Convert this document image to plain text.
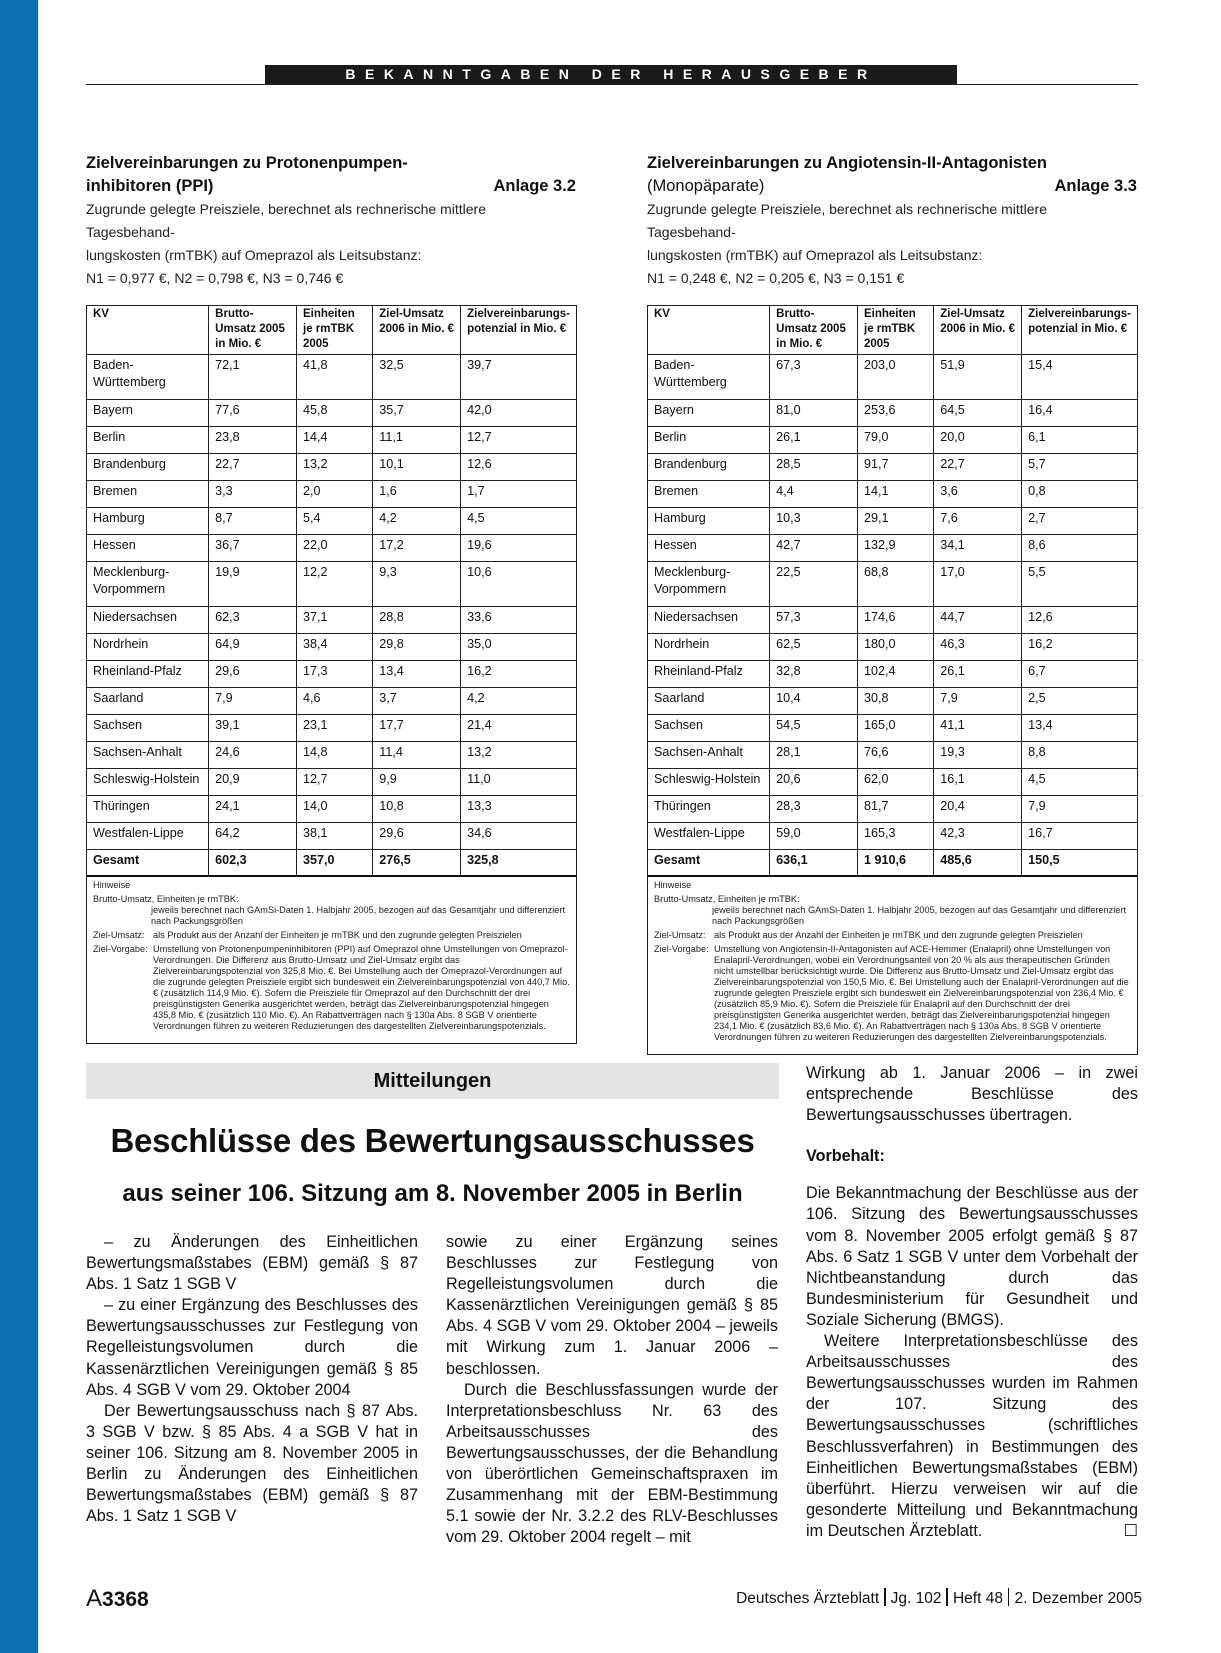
BEKANNTGABEN DER HERAUSGEBER
Zielvereinbarungen zu Protonenpumpen-
inhibitoren (PPI)	Anlage 3.2
Zugrunde gelegte Preisziele, berechnet als rechnerische mittlere Tagesbehand-
lungskosten (rmTBK) auf Omeprazol als Leitsubstanz:
N1 = 0,977 €, N2 = 0,798 €, N3 = 0,746 €
KV	Brutto-Umsatz 2005 in Mio. €	Einheiten je rmTBK 2005	Ziel-Umsatz 2006 in Mio. €	Zielvereinbarungs-potenzial in Mio. €
Baden-Württemberg	72,1	41,8	32,5	39,7
Bayern	77,6	45,8	35,7	42,0
Berlin	23,8	14,4	11,1	12,7
Brandenburg	22,7	13,2	10,1	12,6
Bremen	3,3	2,0	1,6	1,7
Hamburg	8,7	5,4	4,2	4,5
Hessen	36,7	22,0	17,2	19,6
Mecklenburg-Vorpommern	19,9	12,2	9,3	10,6
Niedersachsen	62,3	37,1	28,8	33,6
Nordrhein	64,9	38,4	29,8	35,0
Rheinland-Pfalz	29,6	17,3	13,4	16,2
Saarland	7,9	4,6	3,7	4,2
Sachsen	39,1	23,1	17,7	21,4
Sachsen-Anhalt	24,6	14,8	11,4	13,2
Schleswig-Holstein	20,9	12,7	9,9	11,0
Thüringen	24,1	14,0	10,8	13,3
Westfalen-Lippe	64,2	38,1	29,6	34,6
Gesamt	602,3	357,0	276,5	325,8
Hinweise
Brutto-Umsatz, Einheiten je rmTBK:
jeweils berechnet nach GAmSi-Daten 1. Halbjahr 2005, bezogen auf das Gesamtjahr und differenziert nach Packungsgrößen
Ziel-Umsatz: als Produkt aus der Anzahl der Einheiten je rmTBK und den zugrunde gelegten Preiszielen
Ziel-Vorgabe: Umstellung von Protonenpumpeninhibitoren (PPI) auf Omeprazol ohne Umstellungen von Omeprazol-Verordnungen. Die Differenz aus Brutto-Umsatz und Ziel-Umsatz ergibt das Zielvereinbarungspotenzial von 325,8 Mio. €. Bei Umstellung auch der Omeprazol-Verordnungen auf die zugrunde gelegten Preisziele ergibt sich bundesweit ein Zielvereinbarungspotenzial von 440,7 Mio. € (zusätzlich 114,9 Mio. €). Sofern die Preisziele für Omeprazol auf den Durchschnitt der drei preisgünstigsten Generika ausgerichtet werden, beträgt das Zielvereinbarungspotenzial hingegen 435,8 Mio. € (zusätzlich 110 Mio. €). An Rabattverträgen nach § 130a Abs. 8 SGB V orientierte Verordnungen führen zu weiteren Reduzierungen des dargestellten Zielvereinbarungspotenzials.
Zielvereinbarungen zu Angiotensin-II-Antagonisten
(Monopäparate)	Anlage 3.3
Zugrunde gelegte Preisziele, berechnet als rechnerische mittlere Tagesbehand-
lungskosten (rmTBK) auf Omeprazol als Leitsubstanz:
N1 = 0,248 €, N2 = 0,205 €, N3 = 0,151 €
KV	Brutto-Umsatz 2005 in Mio. €	Einheiten je rmTBK 2005	Ziel-Umsatz 2006 in Mio. €	Zielvereinbarungs-potenzial in Mio. €
Baden-Württemberg	67,3	203,0	51,9	15,4
Bayern	81,0	253,6	64,5	16,4
Berlin	26,1	79,0	20,0	6,1
Brandenburg	28,5	91,7	22,7	5,7
Bremen	4,4	14,1	3,6	0,8
Hamburg	10,3	29,1	7,6	2,7
Hessen	42,7	132,9	34,1	8,6
Mecklenburg-Vorpommern	22,5	68,8	17,0	5,5
Niedersachsen	57,3	174,6	44,7	12,6
Nordrhein	62,5	180,0	46,3	16,2
Rheinland-Pfalz	32,8	102,4	26,1	6,7
Saarland	10,4	30,8	7,9	2,5
Sachsen	54,5	165,0	41,1	13,4
Sachsen-Anhalt	28,1	76,6	19,3	8,8
Schleswig-Holstein	20,6	62,0	16,1	4,5
Thüringen	28,3	81,7	20,4	7,9
Westfalen-Lippe	59,0	165,3	42,3	16,7
Gesamt	636,1	1 910,6	485,6	150,5
Hinweise
Brutto-Umsatz, Einheiten je rmTBK:
jeweils berechnet nach GAmSi-Daten 1. Halbjahr 2005, bezogen auf das Gesamtjahr und differenziert nach Packungsgrößen
Ziel-Umsatz: als Produkt aus der Anzahl der Einheiten je rmTBK und den zugrunde gelegten Preiszielen
Ziel-Vorgabe: Umstellung von Angiotensin-II-Antagonisten auf ACE-Hemmer (Enalapril) ohne Umstellungen von Enalapril-Verordnungen, wobei ein Verordnungsanteil von 20 % als aus therapeutischen Gründen nicht umstellbar berücksichtigt wurde. Die Differenz aus Brutto-Umsatz und Ziel-Umsatz ergibt das Zielvereinbarungspotenzial von 150,5 Mio. €. Bei Umstellung auch der Enalapril-Verordnungen auf die zugrunde gelegten Preisziele ergibt sich bundesweit ein Zielvereinbarungspotenzial von 236,4 Mio. € (zusätzlich 85,9 Mio. €). Sofern die Preisziele für Enalapril auf den Durchschnitt der drei preisgünstigsten Generika ausgerichtet werden, beträgt das Zielvereinbarungspotenzial hingegen 234,1 Mio. € (zusätzlich 83,6 Mio. €). An Rabattverträgen nach § 130a Abs. 8 SGB V orientierte Verordnungen führen zu weiteren Reduzierungen des dargestellten Zielvereinbarungspotenzials.
Mitteilungen
Beschlüsse des Bewertungsausschusses
aus seiner 106. Sitzung am 8. November 2005 in Berlin

– zu Änderungen des Einheitlichen Bewertungsmaßstabes (EBM) gemäß § 87 Abs. 1 Satz 1 SGB V

– zu einer Ergänzung des Beschlusses des Bewertungsausschusses zur Festlegung von Regelleistungsvolumen durch die Kassenärztlichen Vereinigungen gemäß § 85 Abs. 4 SGB V vom 29. Oktober 2004

Der Bewertungsausschuss nach § 87 Abs. 3 SGB V bzw. § 85 Abs. 4 a SGB V hat in seiner 106. Sitzung am 8. November 2005 in Berlin zu Änderungen des Einheitlichen Bewertungsmaßstabes (EBM) gemäß § 87 Abs. 1 Satz 1 SGB V

sowie zu einer Ergänzung seines Beschlusses zur Festlegung von Regelleistungsvolumen durch die Kassenärztlichen Vereinigungen gemäß § 85 Abs. 4 SGB V vom 29. Oktober 2004 – jeweils mit Wirkung zum 1. Januar 2006 – beschlossen.

Durch die Beschlussfassungen wurde der Interpretationsbeschluss Nr. 63 des Arbeitsausschusses des Bewertungsausschusses, der die Behandlung von überörtlichen Gemeinschaftspraxen im Zusammenhang mit der EBM-Bestimmung 5.1 sowie der Nr. 3.2.2 des RLV-Beschlusses vom 29. Oktober 2004 regelt – mit

Wirkung ab 1. Januar 2006 – in zwei entsprechende Beschlüsse des Bewertungsausschusses übertragen.

Vorbehalt:

Die Bekanntmachung der Beschlüsse aus der 106. Sitzung des Bewertungsausschusses vom 8. November 2005 erfolgt gemäß § 87 Abs. 6 Satz 1 SGB V unter dem Vorbehalt der Nichtbeanstandung durch das Bundesministerium für Gesundheit und Soziale Sicherung (BMGS).

Weitere Interpretationsbeschlüsse des Arbeitsausschusses des Bewertungsausschusses wurden im Rahmen der 107. Sitzung des Bewertungsausschusses (schriftliches Beschlussverfahren) in Bestimmungen des Einheitlichen Bewertungsmaßstabes (EBM) überführt. Hierzu verweisen wir auf die gesonderte Mitteilung und Bekanntmachung im Deutschen Ärzteblatt.	☐

A3368	Deutsches Ärzteblatt Jg. 102 Heft 48 2. Dezember 2005
